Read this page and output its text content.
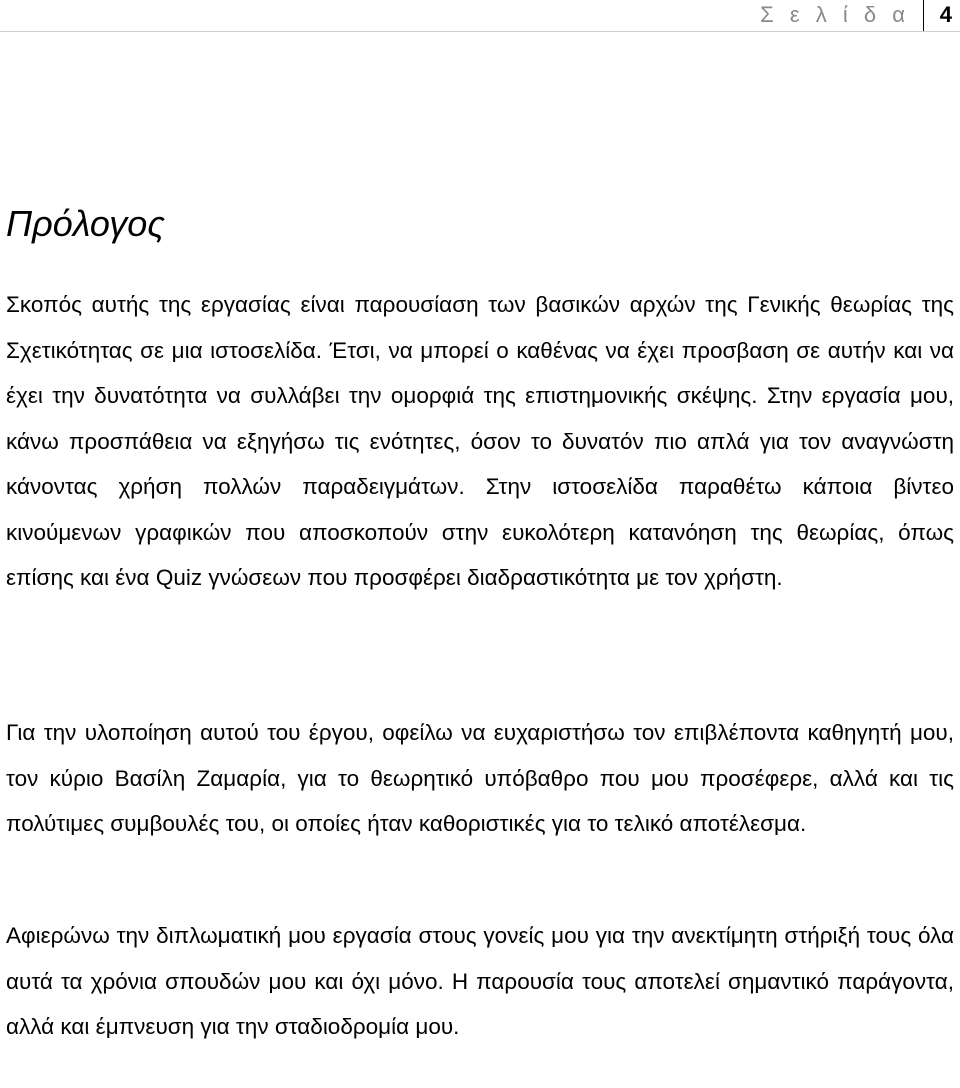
Σ ε λ ί δ α 4
Πρόλογος

Σκοπός αυτής της εργασίας είναι παρουσίαση των βασικών αρχών της Γενικής θεωρίας της Σχετικότητας σε μια ιστοσελίδα. Έτσι, να μπορεί ο καθένας να έχει προσβαση σε αυτήν και να έχει την δυνατότητα να συλλάβει την ομορφιά της επιστημονικής σκέψης. Στην εργασία μου, κάνω προσπάθεια να εξηγήσω τις ενότητες, όσον το δυνατόν πιο απλά για τον αναγνώστη κάνοντας χρήση πολλών παραδειγμάτων. Στην ιστοσελίδα παραθέτω κάποια βίντεο κινούμενων γραφικών που αποσκοπούν στην ευκολότερη κατανόηση της θεωρίας, όπως επίσης και ένα Quiz γνώσεων που προσφέρει διαδραστικότητα με τον χρήστη.

Για την υλοποίηση αυτού του έργου, οφείλω να ευχαριστήσω τον επιβλέποντα καθηγητή μου, τον κύριο Βασίλη Ζαμαρία, για το θεωρητικό υπόβαθρο που μου προσέφερε, αλλά και τις πολύτιμες συμβουλές του, οι οποίες ήταν καθοριστικές για το τελικό αποτέλεσμα.

Αφιερώνω την διπλωματική μου εργασία στους γονείς μου για την ανεκτίμητη στήριξή τους όλα αυτά τα χρόνια σπουδών μου και όχι μόνο. Η παρουσία τους αποτελεί σημαντικό παράγοντα, αλλά και έμπνευση για την σταδιοδρομία μου.
